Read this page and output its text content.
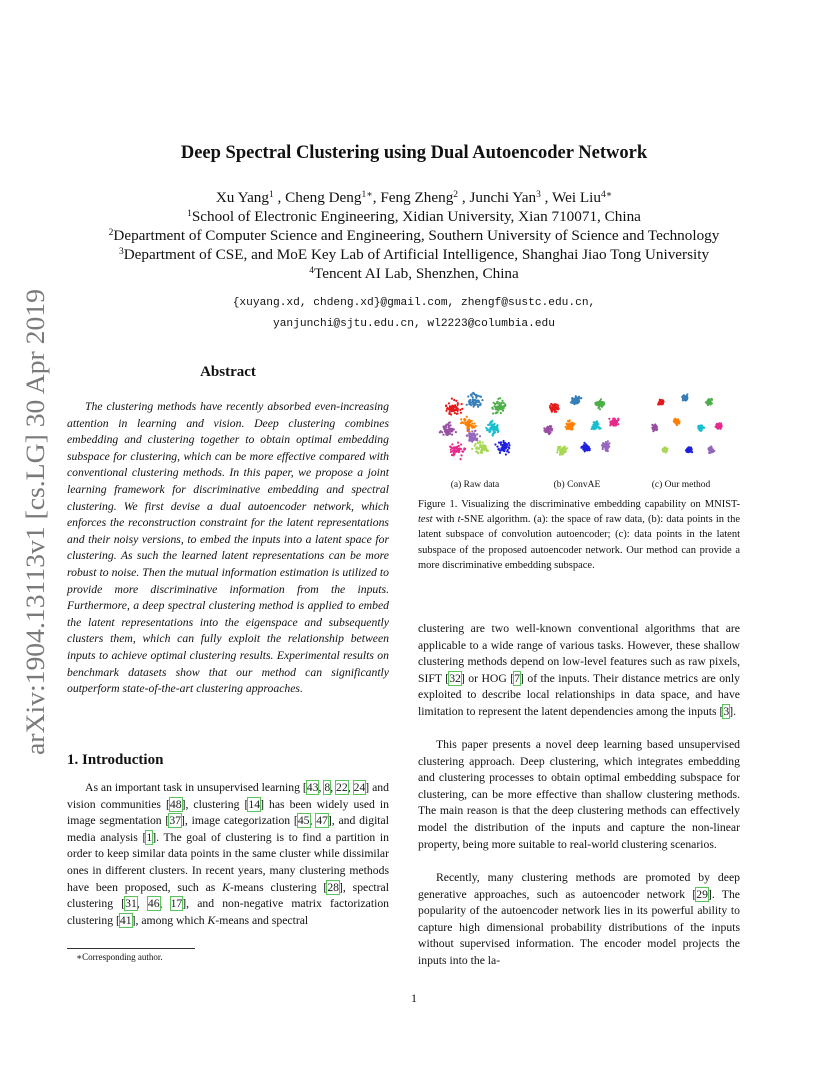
arXiv:1904.13113v1 [cs.LG] 30 Apr 2019
Deep Spectral Clustering using Dual Autoencoder Network
Xu Yang$^1$ , Cheng Deng$^{1∗}$, Feng Zheng$^2$ , Junchi Yan$^3$ , Wei Liu$^{4∗}$
$^1$School of Electronic Engineering, Xidian University, Xian 710071, China
$^2$Department of Computer Science and Engineering, Southern University of Science and Technology
$^3$Department of CSE, and MoE Key Lab of Artificial Intelligence, Shanghai Jiao Tong University
$^4$Tencent AI Lab, Shenzhen, China
{xuyang.xd, chdeng.xd}@gmail.com, zhengf@sustc.edu.cn,
yanjunchi@sjtu.edu.cn, wl2223@columbia.edu
Abstract
The clustering methods have recently absorbed even-increasing attention in learning and vision. Deep clustering combines embedding and clustering together to obtain optimal embedding subspace for clustering, which can be more effective compared with conventional clustering methods. In this paper, we propose a joint learning framework for discriminative embedding and spectral clustering. We first devise a dual autoencoder network, which enforces the reconstruction constraint for the latent representations and their noisy versions, to embed the inputs into a latent space for clustering. As such the learned latent representations can be more robust to noise. Then the mutual information estimation is utilized to provide more discriminative information from the inputs. Furthermore, a deep spectral clustering method is applied to embed the latent representations into the eigenspace and subsequently clusters them, which can fully exploit the relationship between inputs to achieve optimal clustering results. Experimental results on benchmark datasets show that our method can significantly outperform state-of-the-art clustering approaches.
1. Introduction
As an important task in unsupervised learning [43, 8, 22, 24] and vision communities [48], clustering [14] has been widely used in image segmentation [37], image categorization [45, 47], and digital media analysis [1]. The goal of clustering is to find a partition in order to keep similar data points in the same cluster while dissimilar ones in different clusters. In recent years, many clustering methods have been proposed, such as K-means clustering [28], spectral clustering [31, 46, 17], and non-negative matrix factorization clustering [41], among which K-means and spectral
∗Corresponding author.
(a) Raw data	(b) ConvAE	(c) Our method
Figure 1. Visualizing the discriminative embedding capability on MNIST-test with t-SNE algorithm. (a): the space of raw data, (b): data points in the latent subspace of convolution autoencoder; (c): data points in the latent subspace of the proposed autoencoder network. Our method can provide a more discriminative embedding subspace.
clustering are two well-known conventional algorithms that are applicable to a wide range of various tasks. However, these shallow clustering methods depend on low-level features such as raw pixels, SIFT [32] or HOG [7] of the inputs. Their distance metrics are only exploited to describe local relationships in data space, and have limitation to represent the latent dependencies among the inputs [3].
This paper presents a novel deep learning based unsupervised clustering approach. Deep clustering, which integrates embedding and clustering processes to obtain optimal embedding subspace for clustering, can be more effective than shallow clustering methods. The main reason is that the deep clustering methods can effectively model the distribution of the inputs and capture the non-linear property, being more suitable to real-world clustering scenarios.
Recently, many clustering methods are promoted by deep generative approaches, such as autoencoder network [29]. The popularity of the autoencoder network lies in its powerful ability to capture high dimensional probability distributions of the inputs without supervised information. The encoder model projects the inputs into the la-
1
